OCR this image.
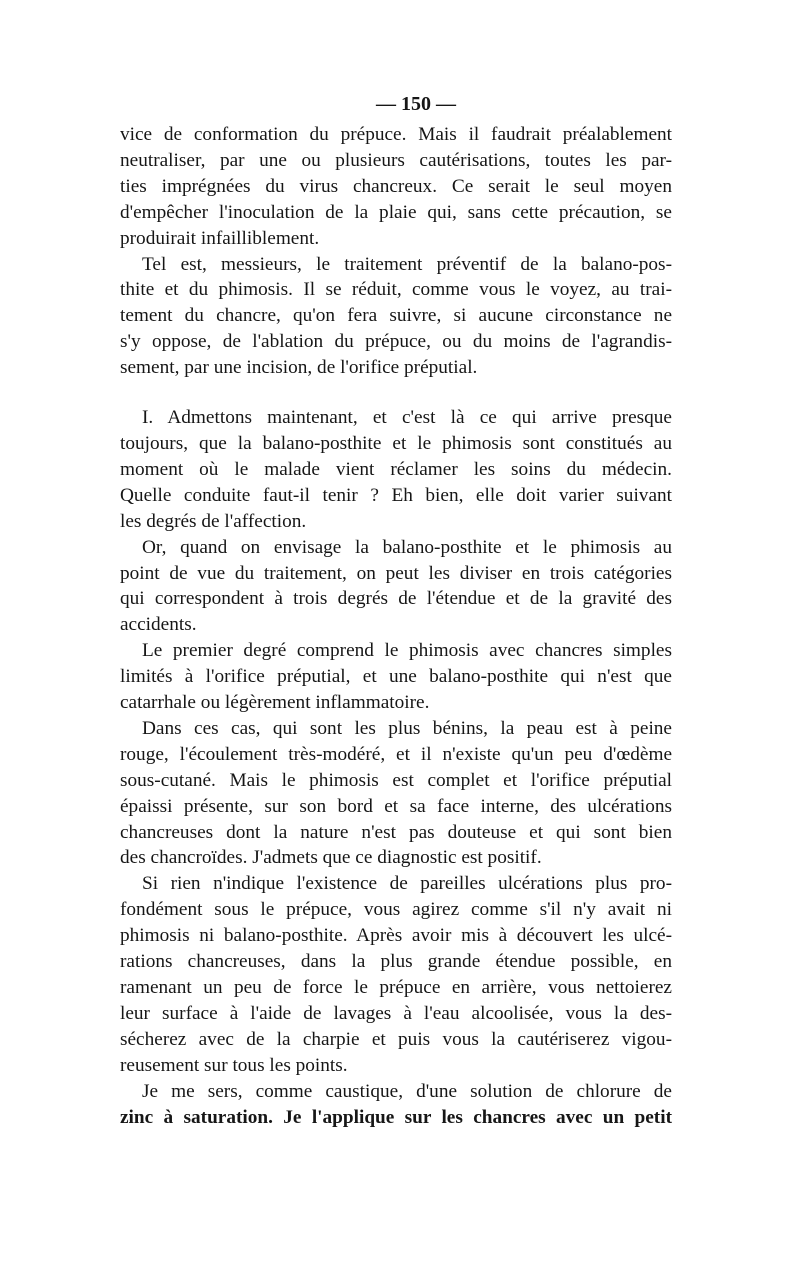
— 150 —

vice de conformation du prépuce. Mais il faudrait préalablement
neutraliser, par une ou plusieurs cautérisations, toutes les par-
ties imprégnées du virus chancreux. Ce serait le seul moyen
d'empêcher l'inoculation de la plaie qui, sans cette précaution, se
produirait infailliblement.

Tel est, messieurs, le traitement préventif de la balano-pos-
thite et du phimosis. Il se réduit, comme vous le voyez, au trai-
tement du chancre, qu'on fera suivre, si aucune circonstance ne
s'y oppose, de l'ablation du prépuce, ou du moins de l'agrandis-
sement, par une incision, de l'orifice préputial.

I. Admettons maintenant, et c'est là ce qui arrive presque
toujours, que la balano-posthite et le phimosis sont constitués au
moment où le malade vient réclamer les soins du médecin.
Quelle conduite faut-il tenir ? Eh bien, elle doit varier suivant
les degrés de l'affection.

Or, quand on envisage la balano-posthite et le phimosis au
point de vue du traitement, on peut les diviser en trois catégories
qui correspondent à trois degrés de l'étendue et de la gravité des
accidents.

Le premier degré comprend le phimosis avec chancres simples
limités à l'orifice préputial, et une balano-posthite qui n'est que
catarrhale ou légèrement inflammatoire.

Dans ces cas, qui sont les plus bénins, la peau est à peine
rouge, l'écoulement très-modéré, et il n'existe qu'un peu d'œdème
sous-cutané. Mais le phimosis est complet et l'orifice préputial
épaissi présente, sur son bord et sa face interne, des ulcérations
chancreuses dont la nature n'est pas douteuse et qui sont bien
des chancroïdes. J'admets que ce diagnostic est positif.

Si rien n'indique l'existence de pareilles ulcérations plus pro-
fondément sous le prépuce, vous agirez comme s'il n'y avait ni
phimosis ni balano-posthite. Après avoir mis à découvert les ulcé-
rations chancreuses, dans la plus grande étendue possible, en
ramenant un peu de force le prépuce en arrière, vous nettoierez
leur surface à l'aide de lavages à l'eau alcoolisée, vous la des-
sécherez avec de la charpie et puis vous la cautériserez vigou-
reusement sur tous les points.

Je me sers, comme caustique, d'une solution de chlorure de
zinc à saturation. Je l'applique sur les chancres avec un petit
